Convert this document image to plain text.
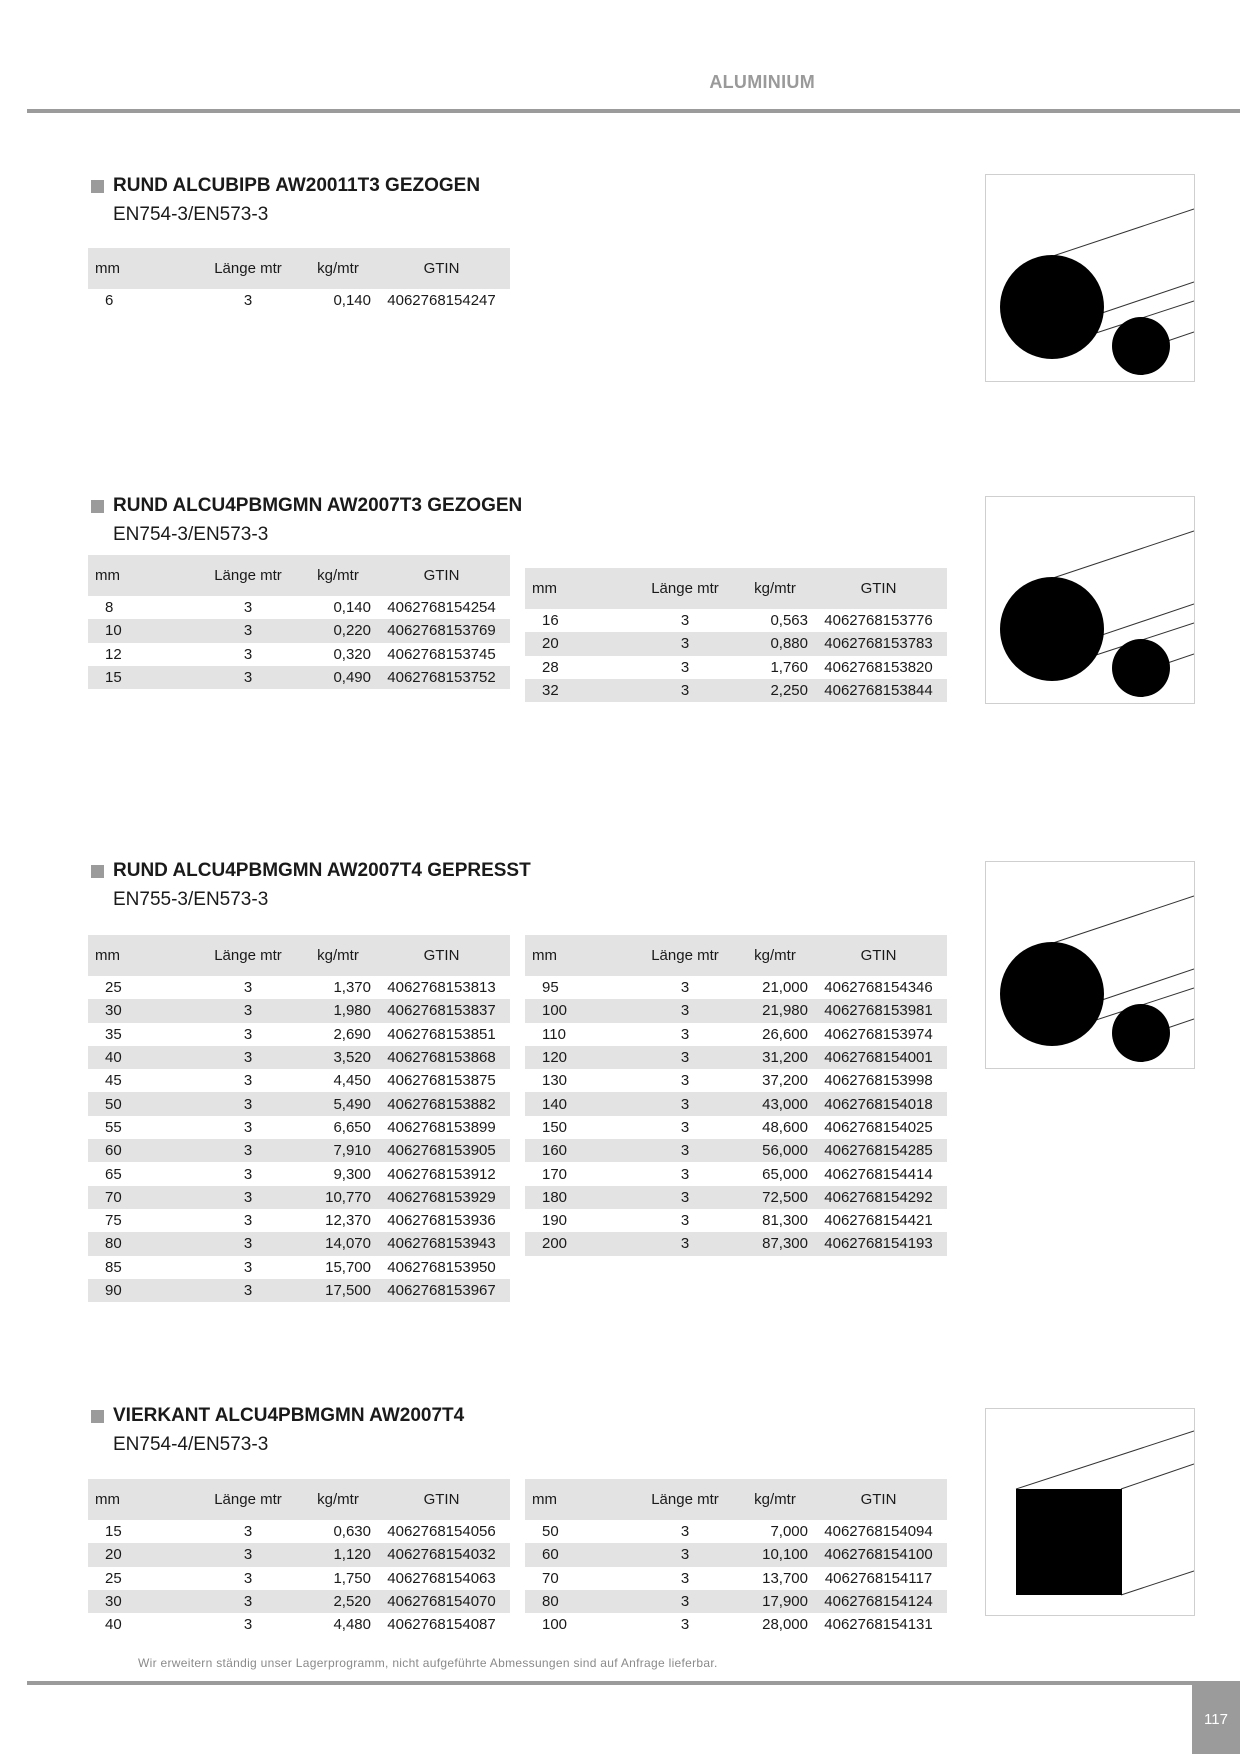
ALUMINIUM
RUND ALCUBIPB AW20011T3 GEZOGEN
EN754-3/EN573-3
mm	Länge mtr	kg/mtr	GTIN
6	3	0,140	4062768154247
RUND ALCU4PBMGMN AW2007T3 GEZOGEN
EN754-3/EN573-3
mm	Länge mtr	kg/mtr	GTIN
8	3	0,140	4062768154254
10	3	0,220	4062768153769
12	3	0,320	4062768153745
15	3	0,490	4062768153752
mm	Länge mtr	kg/mtr	GTIN
16	3	0,563	4062768153776
20	3	0,880	4062768153783
28	3	1,760	4062768153820
32	3	2,250	4062768153844
RUND ALCU4PBMGMN AW2007T4 GEPRESST
EN755-3/EN573-3
mm	Länge mtr	kg/mtr	GTIN
25	3	1,370	4062768153813
30	3	1,980	4062768153837
35	3	2,690	4062768153851
40	3	3,520	4062768153868
45	3	4,450	4062768153875
50	3	5,490	4062768153882
55	3	6,650	4062768153899
60	3	7,910	4062768153905
65	3	9,300	4062768153912
70	3	10,770	4062768153929
75	3	12,370	4062768153936
80	3	14,070	4062768153943
85	3	15,700	4062768153950
90	3	17,500	4062768153967
mm	Länge mtr	kg/mtr	GTIN
95	3	21,000	4062768154346
100	3	21,980	4062768153981
110	3	26,600	4062768153974
120	3	31,200	4062768154001
130	3	37,200	4062768153998
140	3	43,000	4062768154018
150	3	48,600	4062768154025
160	3	56,000	4062768154285
170	3	65,000	4062768154414
180	3	72,500	4062768154292
190	3	81,300	4062768154421
200	3	87,300	4062768154193
VIERKANT ALCU4PBMGMN AW2007T4
EN754-4/EN573-3
mm	Länge mtr	kg/mtr	GTIN
15	3	0,630	4062768154056
20	3	1,120	4062768154032
25	3	1,750	4062768154063
30	3	2,520	4062768154070
40	3	4,480	4062768154087
mm	Länge mtr	kg/mtr	GTIN
50	3	7,000	4062768154094
60	3	10,100	4062768154100
70	3	13,700	4062768154117
80	3	17,900	4062768154124
100	3	28,000	4062768154131
Wir erweitern ständig unser Lagerprogramm, nicht aufgeführte Abmessungen sind auf Anfrage lieferbar.
117
